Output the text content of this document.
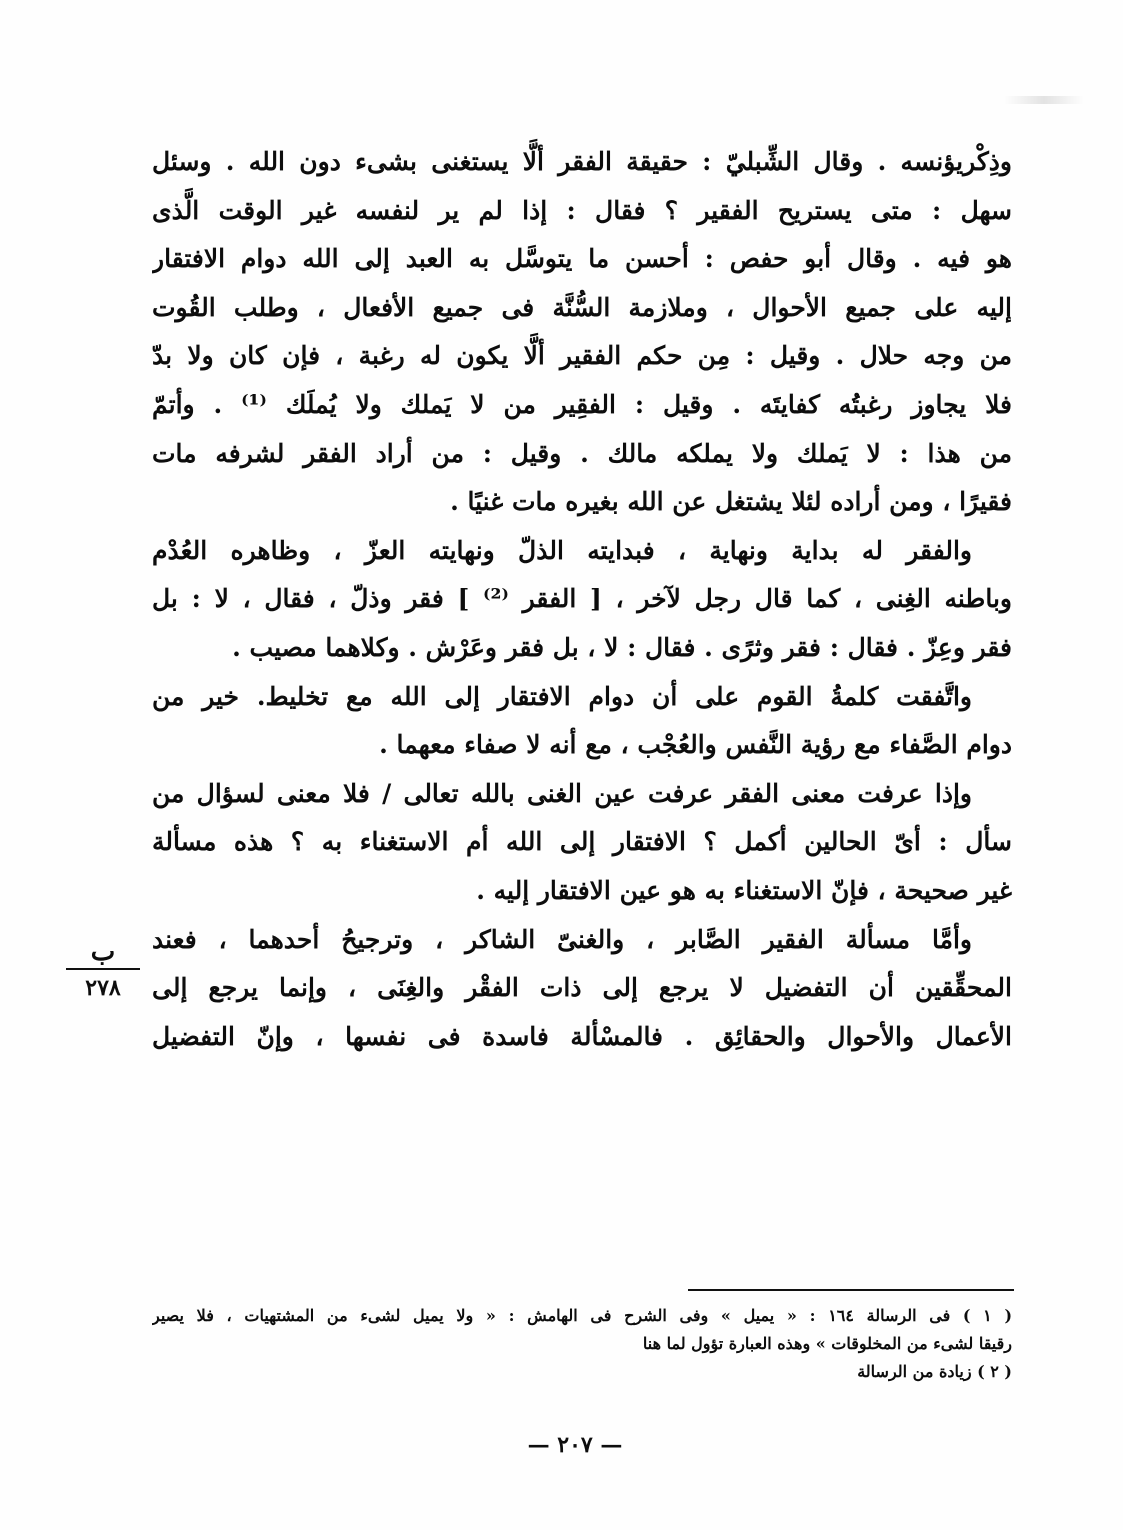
وذِكْريؤنسه . وقال الشِّبليّ : حقيقة الفقر ألَّا يستغنى بشىء دون الله . وسئل
سهل : متى يستريح الفقير ؟ فقال : إذا لم ير لنفسه غير الوقت الَّذى
هو فيه . وقال أبو حفص : أحسن ما يتوسَّل به العبد إلى الله دوام الافتقار
إليه على جميع الأحوال ، وملازمة السُّنَّة فى جميع الأفعال ، وطلب القُوت
من وجه حلال . وقيل : مِن حكم الفقير ألَّا يكون له رغبة ، فإن كان ولا بدّ
فلا يجاوز رغبتُه كفايتَه . وقيل : الفقِير من لا يَملك ولا يُملَك ⁽¹⁾ . وأتمّ
من هذا : لا يَملك ولا يملكه مالك . وقيل : من أراد الفقر لشرفه مات
فقيرًا ، ومن أراده لئلا يشتغل عن الله بغيره مات غنيًا .
والفقر له بداية ونهاية ، فبدايته الذلّ ونهايته العزّ ، وظاهره العُدْم
وباطنه الغِنى ، كما قال رجل لآخر ، [ الفقر ⁽²⁾ ] فقر وذلّ ، فقال ، لا : بل
فقر وعِزّ . فقال : فقر وثرًى . فقال : لا ، بل فقر وعَرْش . وكلاهما مصيب .
واتَّفقت كلمةُ القوم على أن دوام الافتقار إلى الله مع تخليط. خير من
دوام الصَّفاء مع رؤية النَّفس والعُجْب ، مع أنه لا صفاء معهما .
وإذا عرفت معنى الفقر عرفت عين الغنى بالله تعالى / فلا معنى لسؤال من
سأل : أىّ الحالين أكمل ؟ الافتقار إلى الله أم الاستغناء به ؟ هذه مسألة
غير صحيحة ، فإنّ الاستغناء به هو عين الافتقار إليه .
وأمَّا مسألة الفقير الصَّابر ، والغنىّ الشاكر ، وترجيحُ أحدهما ، فعند
المحقِّقين أن التفضيل لا يرجع إلى ذات الفقْر والغِنَى ، وإنما يرجع إلى
الأعمال والأحوال والحقائِق . فالمسْألة فاسدة فى نفسها ، وإنّ التفضيل
ب
٢٧٨
( ١ ) فى الرسالة ١٦٤ : « يميل » وفى الشرح فى الهامش : « ولا يميل لشىء من المشتهيات ، فلا يصير
رقيقا لشىء من المخلوقات » وهذه العبارة تؤول لما هنا
( ٢ ) زيادة من الرسالة
— ٢٠٧ —
